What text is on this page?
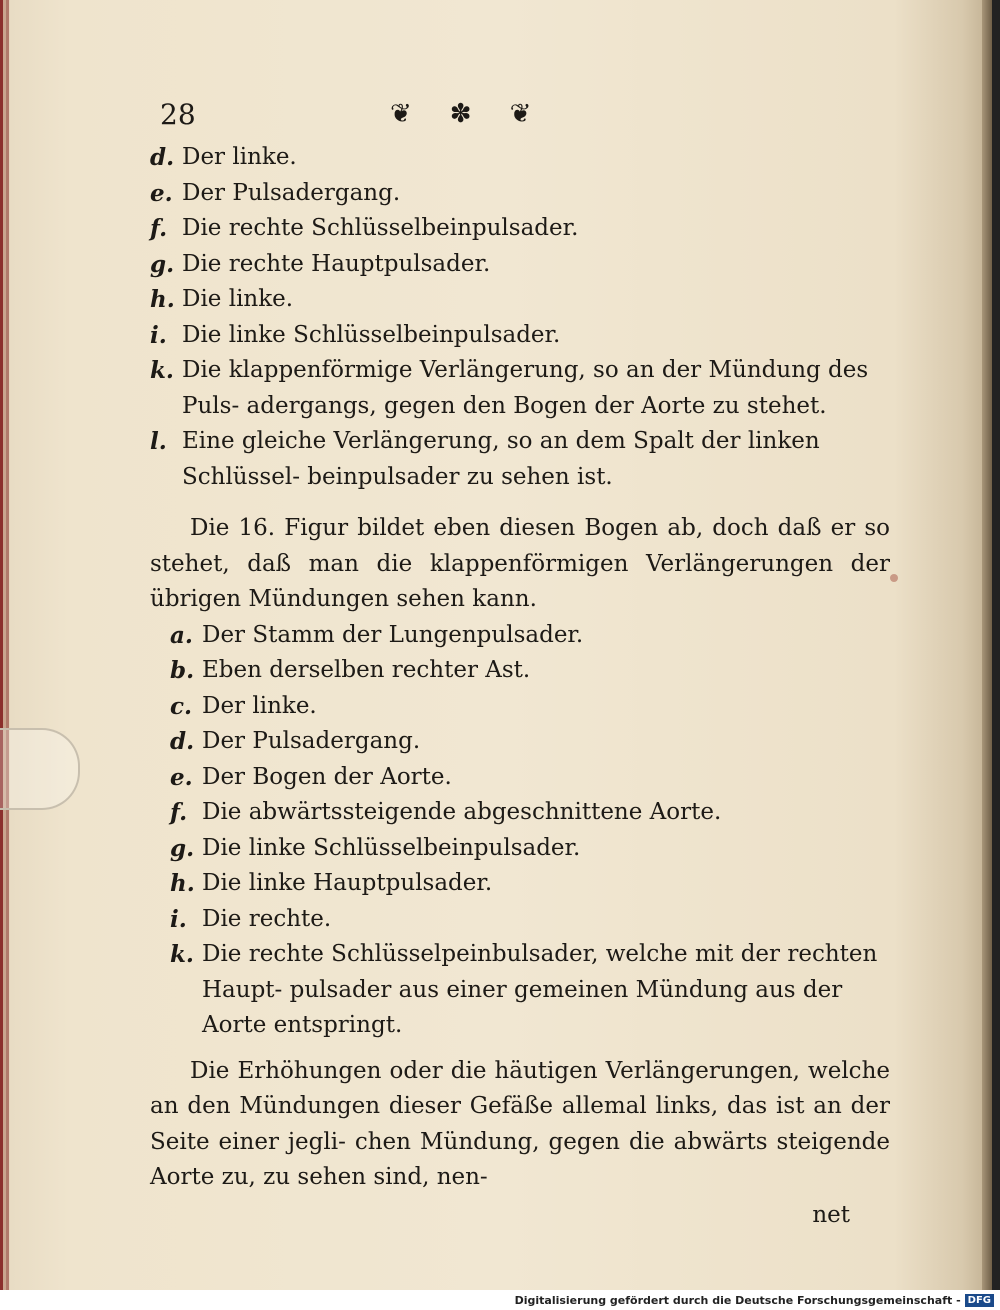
28	❦ ✽ ❦
d. Der linke.
e. Der Pulsadergang.
f. Die rechte Schlüsselbeinpulsader.
g. Die rechte Hauptpulsader.
h. Die linke.
i. Die linke Schlüsselbeinpulsader.
k. Die klappenförmige Verlängerung, so an der Mündung des Puls- adergangs, gegen den Bogen der Aorte zu stehet.
l. Eine gleiche Verlängerung, so an dem Spalt der linken Schlüssel- beinpulsader zu sehen ist.
Die 16. Figur bildet eben diesen Bogen ab, doch daß er so stehet, daß man die klappenförmigen Verlängerungen der übrigen Mündungen sehen kann.
a. Der Stamm der Lungenpulsader.
b. Eben derselben rechter Ast.
c. Der linke.
d. Der Pulsadergang.
e. Der Bogen der Aorte.
f. Die abwärtssteigende abgeschnittene Aorte.
g. Die linke Schlüsselbeinpulsader.
h. Die linke Hauptpulsader.
i. Die rechte.
k. Die rechte Schlüsselpeinbulsader, welche mit der rechten Haupt- pulsader aus einer gemeinen Mündung aus der Aorte entspringt.
Die Erhöhungen oder die häutigen Verlängerungen, welche an den Mündungen dieser Gefäße allemal links, das ist an der Seite einer jegli- chen Mündung, gegen die abwärts steigende Aorte zu, zu sehen sind, nen-
net
Digitalisierung gefördert durch die Deutsche Forschungsgemeinschaft - DFG
